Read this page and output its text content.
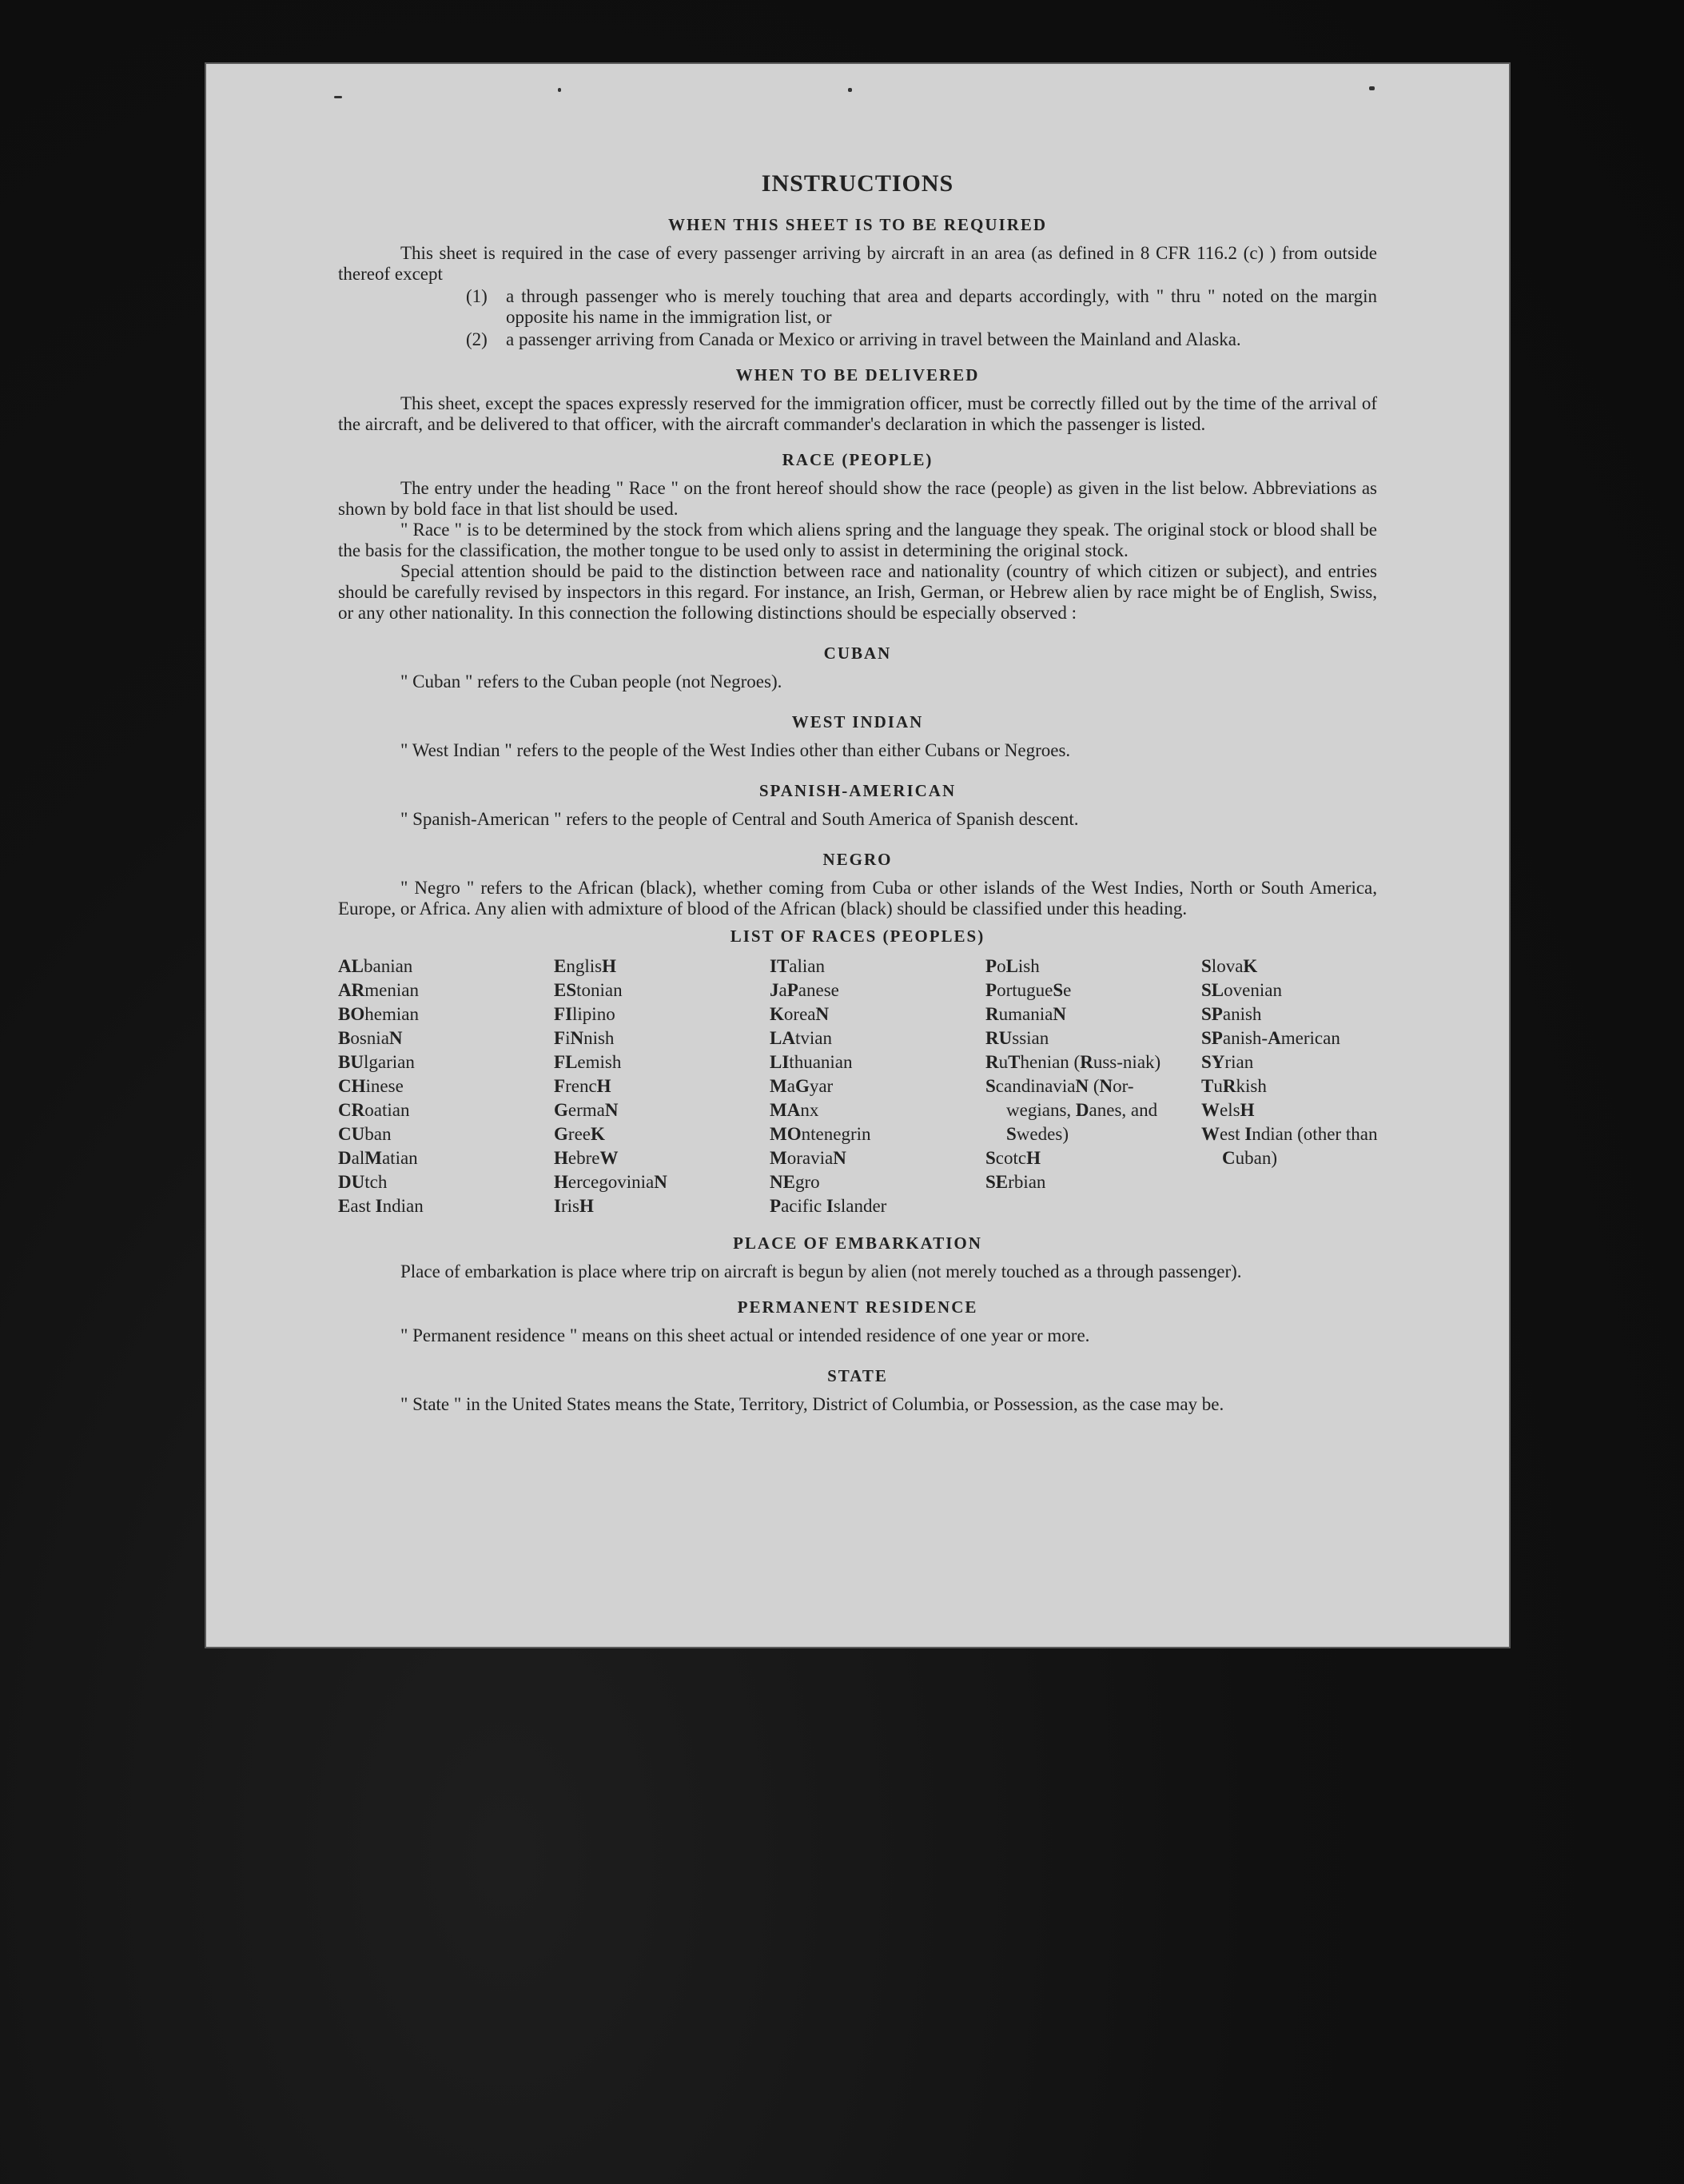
INSTRUCTIONS
WHEN THIS SHEET IS TO BE REQUIRED

This sheet is required in the case of every passenger arriving by aircraft in an area (as defined in 8 CFR 116.2 (c) ) from outside thereof except

(1)	a through passenger who is merely touching that area and departs accordingly, with " thru " noted on the margin opposite his name in the immigration list, or
(2)	a passenger arriving from Canada or Mexico or arriving in travel between the Mainland and Alaska.
WHEN TO BE DELIVERED

This sheet, except the spaces expressly reserved for the immigration officer, must be correctly filled out by the time of the arrival of the aircraft, and be delivered to that officer, with the aircraft commander's declaration in which the passenger is listed.

RACE (PEOPLE)

The entry under the heading " Race " on the front hereof should show the race (people) as given in the list below. Abbreviations as shown by bold face in that list should be used.

" Race " is to be determined by the stock from which aliens spring and the language they speak. The original stock or blood shall be the basis for the classification, the mother tongue to be used only to assist in determining the original stock.

Special attention should be paid to the distinction between race and nationality (country of which citizen or subject), and entries should be carefully revised by inspectors in this regard. For instance, an Irish, German, or Hebrew alien by race might be of English, Swiss, or any other nationality. In this connection the following distinctions should be especially observed :

CUBAN

" Cuban " refers to the Cuban people (not Negroes).

WEST INDIAN

" West Indian " refers to the people of the West Indies other than either Cubans or Negroes.

SPANISH-AMERICAN

" Spanish-American " refers to the people of Central and South America of Spanish descent.

NEGRO

" Negro " refers to the African (black), whether coming from Cuba or other islands of the West Indies, North or South America, Europe, or Africa. Any alien with admixture of blood of the African (black) should be classified under this heading.

LIST OF RACES (PEOPLES)
ALbanian
ARmenian
BOhemian
BosniaN
BUlgarian
CHinese
CRoatian
CUban
DalMatian
DUtch
East Indian
EnglisH
EStonian
FIlipino
FiNnish
FLemish
FrencH
GermaN
GreeK
HebreW
HercegoviniaN
IrisH
ITalian
JaPanese
KoreaN
LAtvian
LIthuanian
MaGyar
MAnx
MOntenegrin
MoraviaN
NEgro
Pacific Islander
PoLish
PortugueSe
RumaniaN
RUssian
RuThenian (Russ-niak)
ScandinaviaN (Nor-wegians, Danes, and Swedes)
ScotcH
SErbian
SlovaK
SLovenian
SPanish
SPanish-American
SYrian
TuRkish
WelsH
West Indian (other than Cuban)
PLACE OF EMBARKATION

Place of embarkation is place where trip on aircraft is begun by alien (not merely touched as a through passenger).

PERMANENT RESIDENCE

" Permanent residence " means on this sheet actual or intended residence of one year or more.

STATE

" State " in the United States means the State, Territory, District of Columbia, or Possession, as the case may be.
